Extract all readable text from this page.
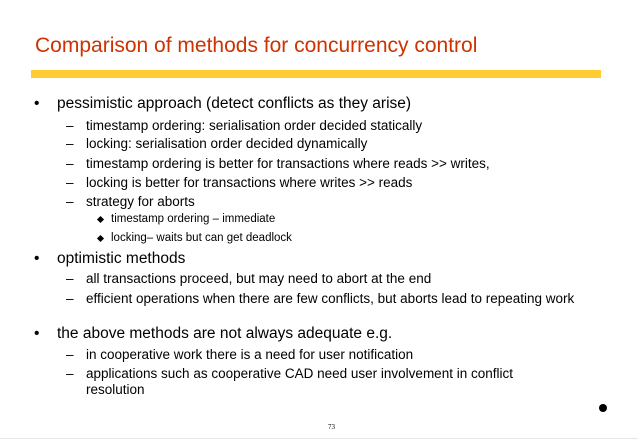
Comparison of methods for concurrency control
• pessimistic approach (detect conflicts as they arise)
– timestamp ordering: serialisation order decided statically
– locking: serialisation order decided dynamically
– timestamp ordering is better for transactions where reads >> writes,
– locking is better for transactions where writes >> reads
– strategy for aborts
timestamp ordering – immediate
locking– waits but can get deadlock
• optimistic methods
– all transactions proceed, but may need to abort at the end
– efficient operations when there are few conflicts, but aborts lead to repeating work
• the above methods are not always adequate e.g.
– in cooperative work there is a need for user notification
– applications such as cooperative CAD need user involvement in conflict resolution
73
